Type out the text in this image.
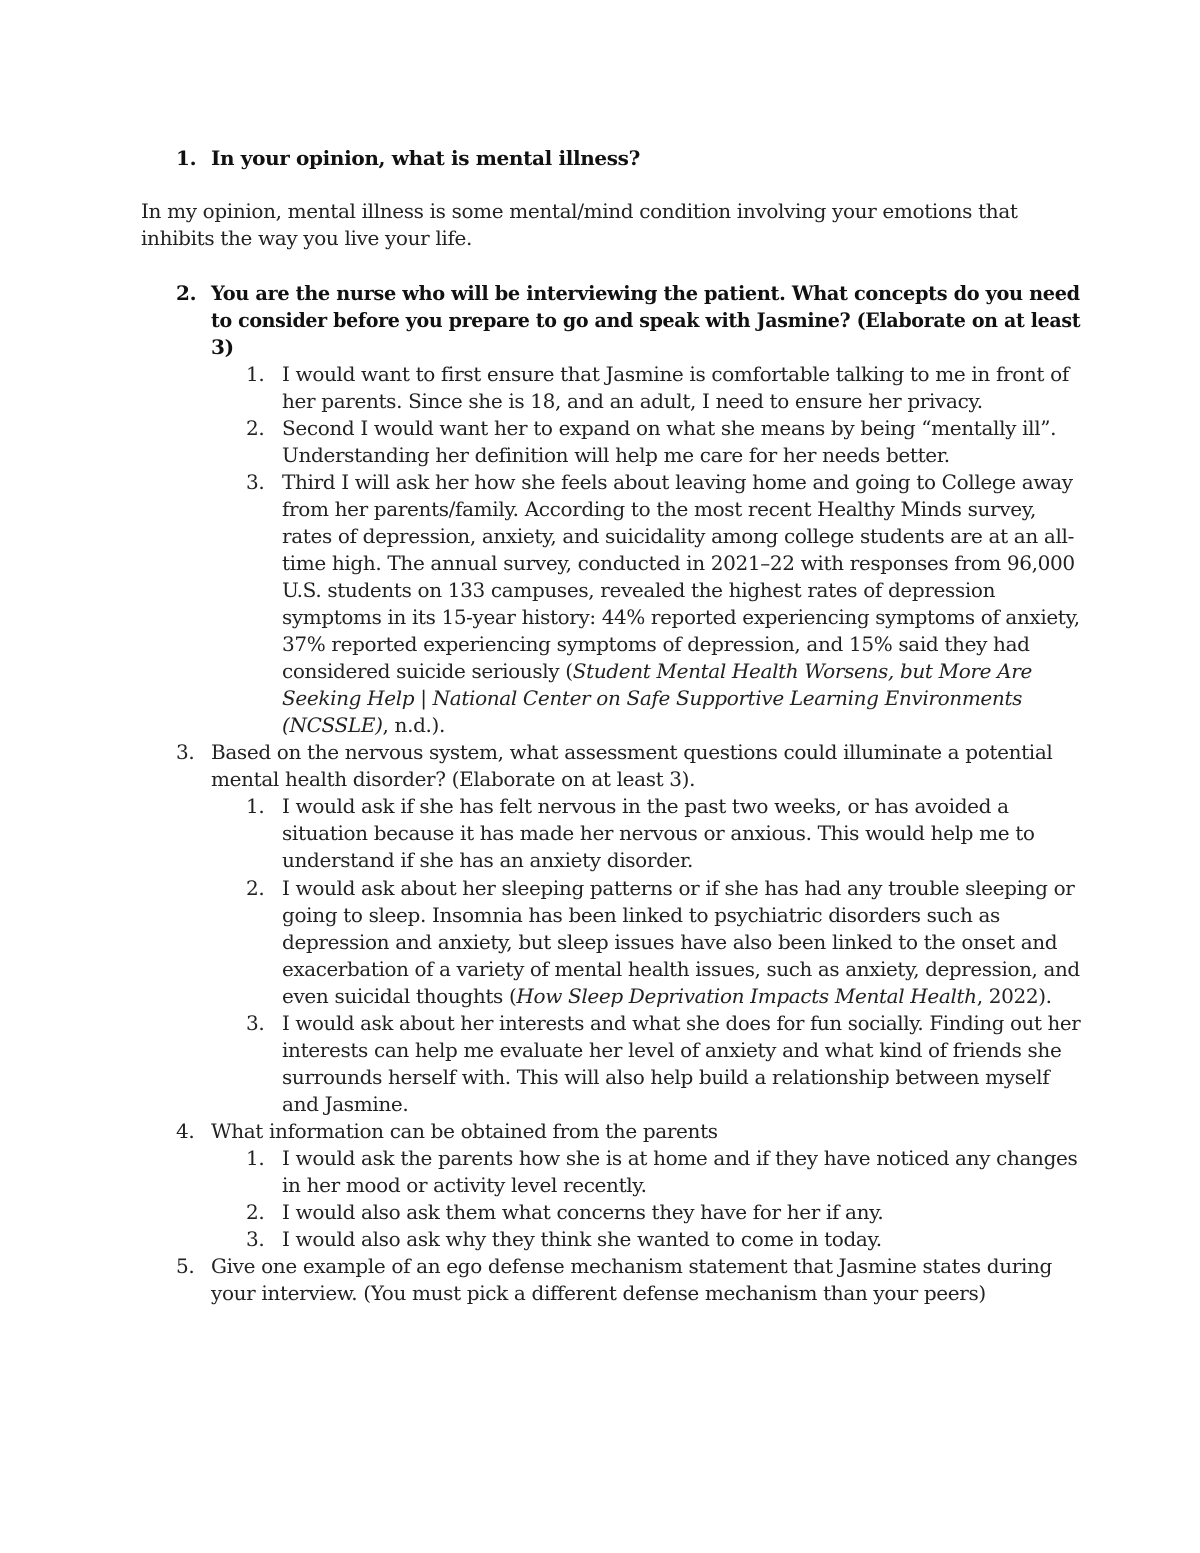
1. In your opinion, what is mental illness?
In my opinion, mental illness is some mental/mind condition involving your emotions that
inhibits the way you live your life.
2. You are the nurse who will be interviewing the patient. What concepts do you need
to consider before you prepare to go and speak with Jasmine? (Elaborate on at least
3)
1. I would want to first ensure that Jasmine is comfortable talking to me in front of
her parents. Since she is 18, and an adult, I need to ensure her privacy.
2. Second I would want her to expand on what she means by being “mentally ill”.
Understanding her definition will help me care for her needs better.
3. Third I will ask her how she feels about leaving home and going to College away
from her parents/family. According to the most recent Healthy Minds survey,
rates of depression, anxiety, and suicidality among college students are at an all-
time high. The annual survey, conducted in 2021–22 with responses from 96,000
U.S. students on 133 campuses, revealed the highest rates of depression
symptoms in its 15-year history: 44% reported experiencing symptoms of anxiety,
37% reported experiencing symptoms of depression, and 15% said they had
considered suicide seriously (Student Mental Health Worsens, but More Are
Seeking Help | National Center on Safe Supportive Learning Environments
(NCSSLE), n.d.).
3. Based on the nervous system, what assessment questions could illuminate a potential
mental health disorder? (Elaborate on at least 3).
1. I would ask if she has felt nervous in the past two weeks, or has avoided a
situation because it has made her nervous or anxious. This would help me to
understand if she has an anxiety disorder.
2. I would ask about her sleeping patterns or if she has had any trouble sleeping or
going to sleep. Insomnia has been linked to psychiatric disorders such as
depression and anxiety, but sleep issues have also been linked to the onset and
exacerbation of a variety of mental health issues, such as anxiety, depression, and
even suicidal thoughts (How Sleep Deprivation Impacts Mental Health, 2022).
3. I would ask about her interests and what she does for fun socially. Finding out her
interests can help me evaluate her level of anxiety and what kind of friends she
surrounds herself with. This will also help build a relationship between myself
and Jasmine.
4. What information can be obtained from the parents
1. I would ask the parents how she is at home and if they have noticed any changes
in her mood or activity level recently.
2. I would also ask them what concerns they have for her if any.
3. I would also ask why they think she wanted to come in today.
5. Give one example of an ego defense mechanism statement that Jasmine states during
your interview. (You must pick a different defense mechanism than your peers)
